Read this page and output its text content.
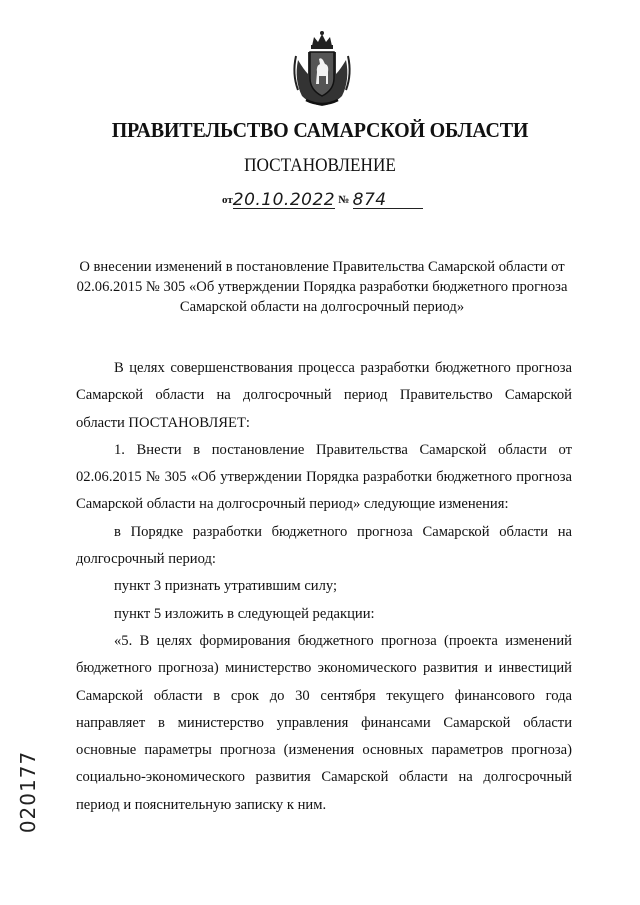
ПРАВИТЕЛЬСТВО САМАРСКОЙ ОБЛАСТИ
ПОСТАНОВЛЕНИЕ
от20.10.2022 № 874
О внесении изменений в постановление Правительства Самарской области от 02.06.2015 № 305 «Об утверждении Порядка разработки бюджетного прогноза Самарской области на долгосрочный период»

В целях совершенствования процесса разработки бюджетного прогноза Самарской области на долгосрочный период Правительство Самарской области ПОСТАНОВЛЯЕТ:

1. Внести в постановление Правительства Самарской области от 02.06.2015 № 305 «Об утверждении Порядка разработки бюджетного прогноза Самарской области на долгосрочный период» следующие изменения:

в Порядке разработки бюджетного прогноза Самарской области на долгосрочный период:

пункт 3 признать утратившим силу;

пункт 5 изложить в следующей редакции:

«5. В целях формирования бюджетного прогноза (проекта изменений бюджетного прогноза) министерство экономического развития и инвестиций Самарской области в срок до 30 сентября текущего финансового года направляет в министерство управления финансами Самарской области основные параметры прогноза (изменения основных параметров прогноза) социально-экономического развития Самарской области на долгосрочный период и пояснительную записку к ним.

020177
